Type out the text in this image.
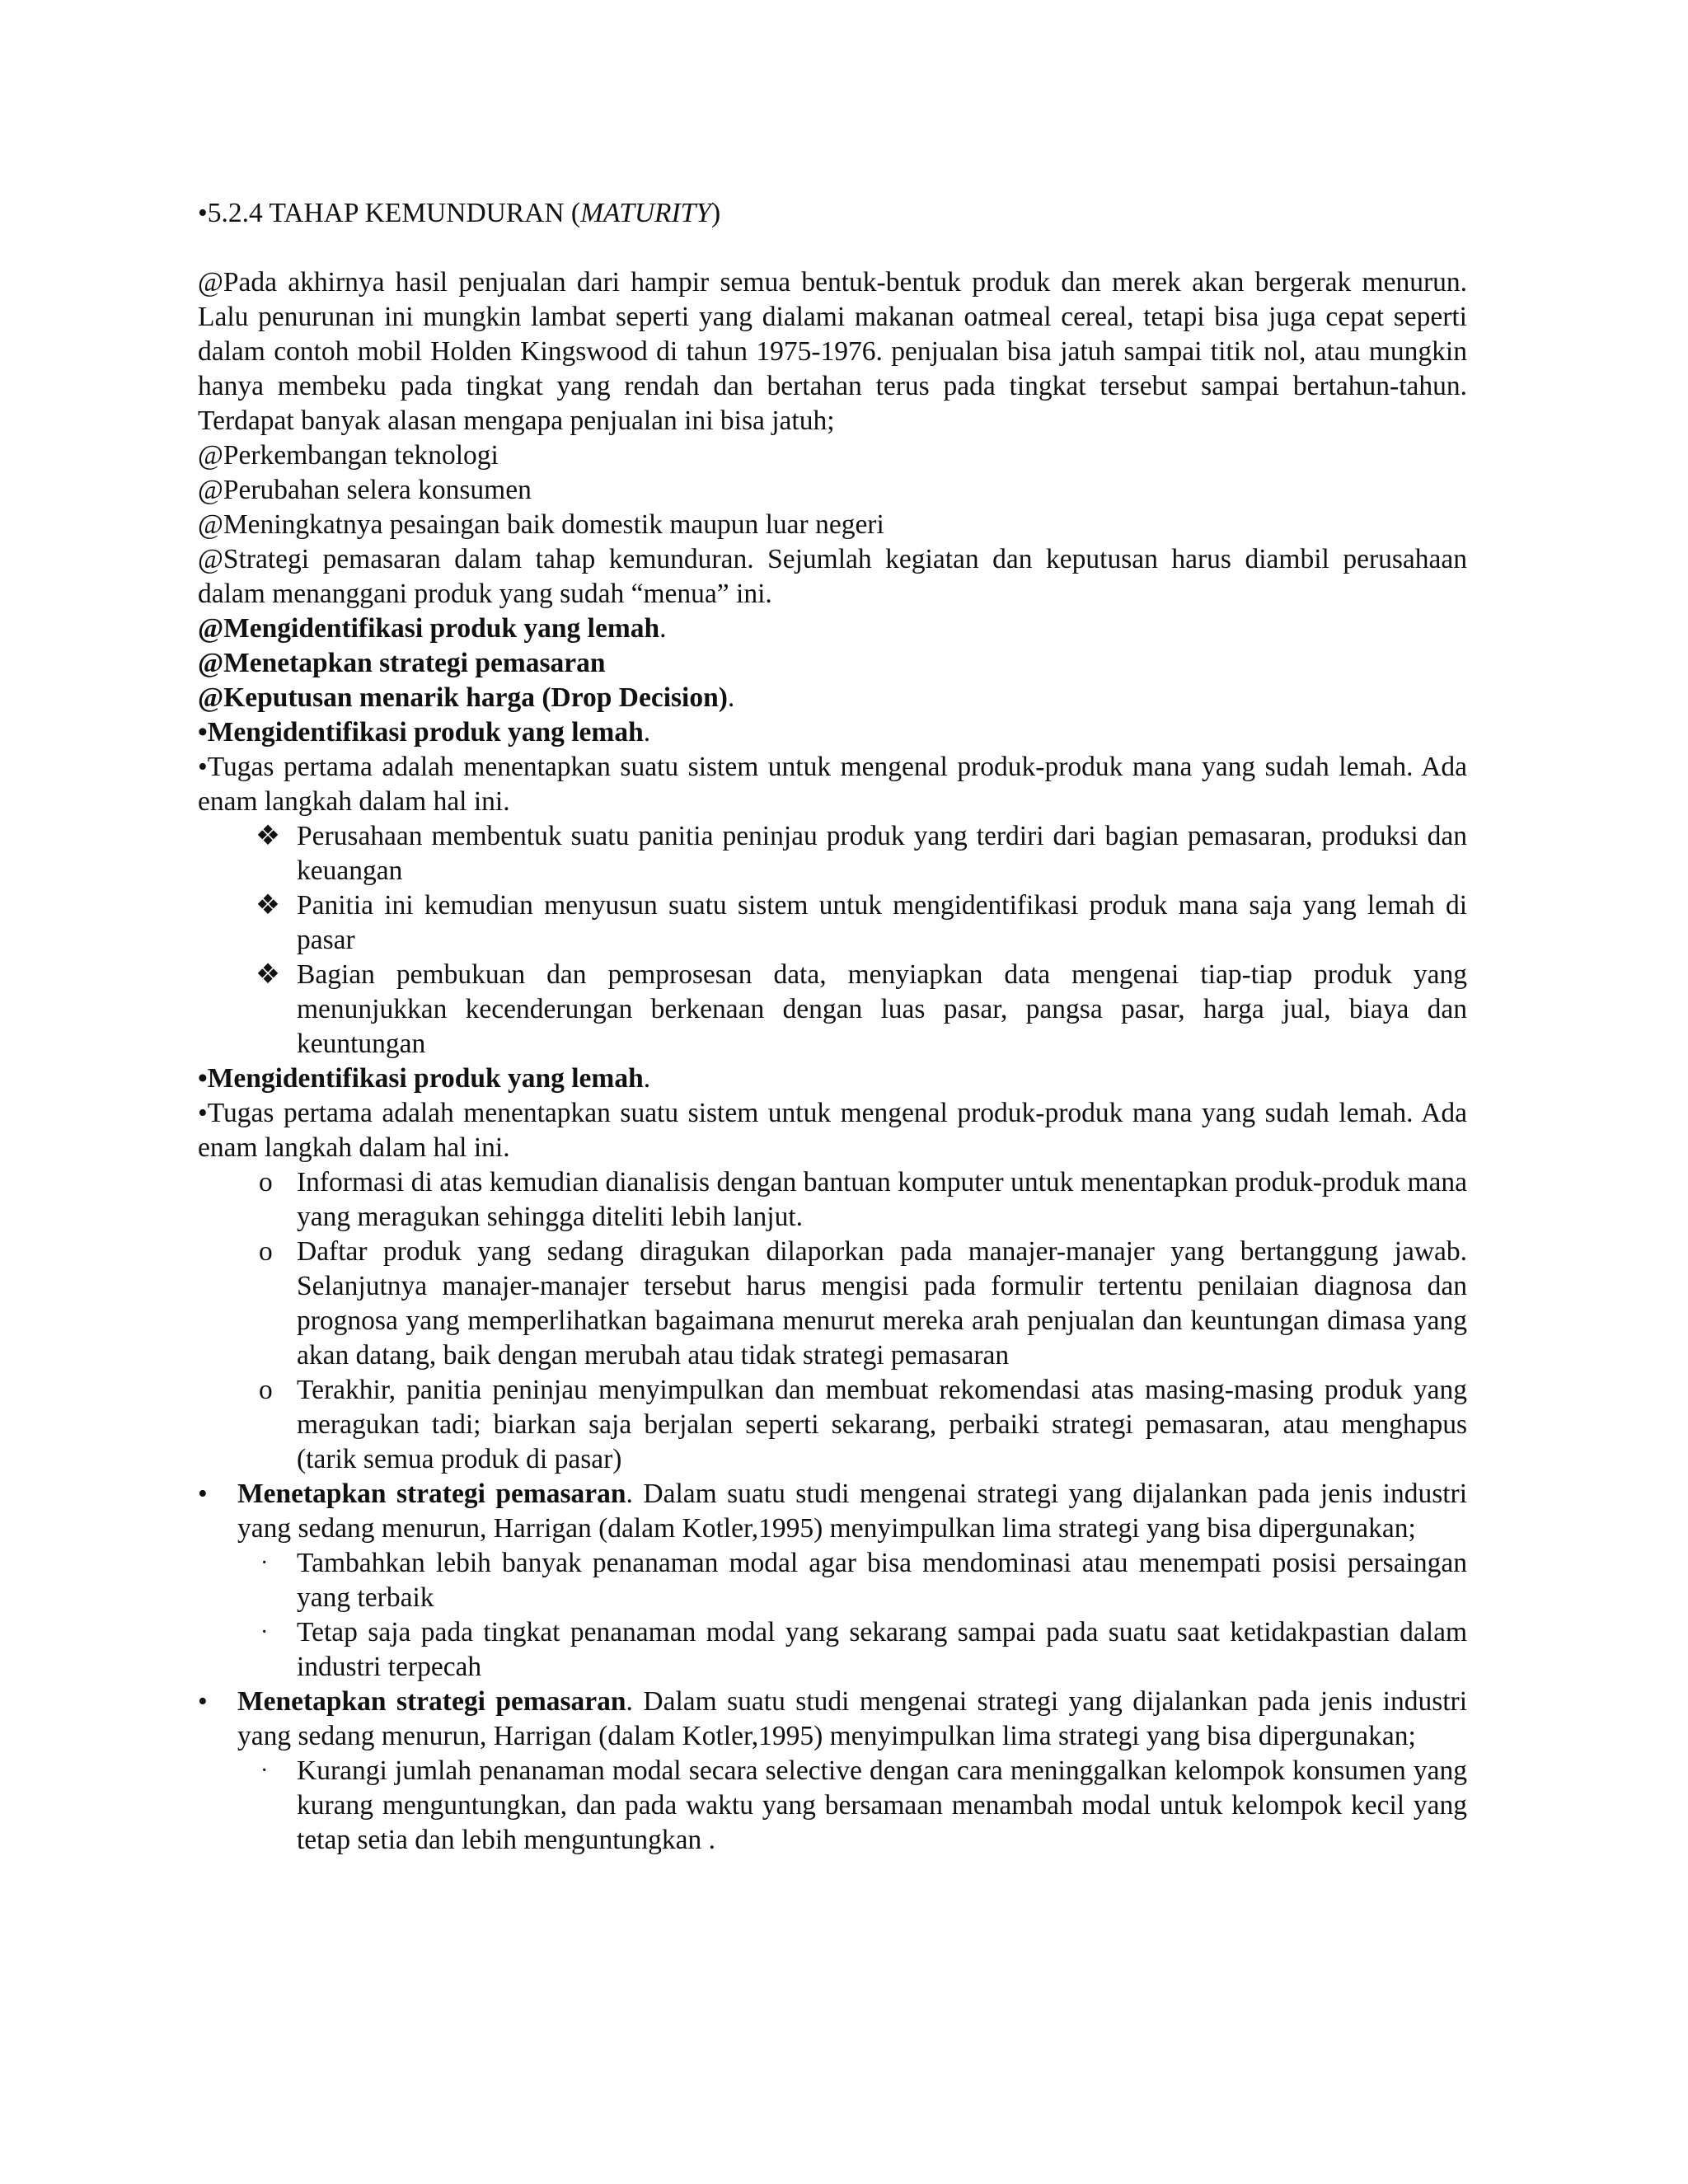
•5.2.4 TAHAP KEMUNDURAN (MATURITY)

@Pada akhirnya hasil penjualan dari hampir semua bentuk-bentuk produk dan merek akan bergerak menurun. Lalu penurunan ini mungkin lambat seperti yang dialami makanan oatmeal cereal, tetapi bisa juga cepat seperti dalam contoh mobil Holden Kingswood di tahun 1975-1976. penjualan bisa jatuh sampai titik nol, atau mungkin hanya membeku pada tingkat yang rendah dan bertahan terus pada tingkat tersebut sampai bertahun-tahun. Terdapat banyak alasan mengapa penjualan ini bisa jatuh;

@Perkembangan teknologi

@Perubahan selera konsumen

@Meningkatnya pesaingan baik domestik maupun luar negeri

@Strategi pemasaran dalam tahap kemunduran. Sejumlah kegiatan dan keputusan harus diambil perusahaan dalam menanggani produk yang sudah “menua” ini.

@Mengidentifikasi produk yang lemah.

@Menetapkan strategi pemasaran

@Keputusan menarik harga (Drop Decision).

•Mengidentifikasi produk yang lemah.

•Tugas pertama adalah menentapkan suatu sistem untuk mengenal produk-produk mana yang sudah lemah. Ada enam langkah dalam hal ini.

❖ Perusahaan membentuk suatu panitia peninjau produk yang terdiri dari bagian pemasaran, produksi dan keuangan
❖ Panitia ini kemudian menyusun suatu sistem untuk mengidentifikasi produk mana saja yang lemah di pasar
❖ Bagian pembukuan dan pemprosesan data, menyiapkan data mengenai tiap-tiap produk yang menunjukkan kecenderungan berkenaan dengan luas pasar, pangsa pasar, harga jual, biaya dan keuntungan

•Mengidentifikasi produk yang lemah.

•Tugas pertama adalah menentapkan suatu sistem untuk mengenal produk-produk mana yang sudah lemah. Ada enam langkah dalam hal ini.

o Informasi di atas kemudian dianalisis dengan bantuan komputer untuk menentapkan produk-produk mana yang meragukan sehingga diteliti lebih lanjut.
o Daftar produk yang sedang diragukan dilaporkan pada manajer-manajer yang bertanggung jawab. Selanjutnya manajer-manajer tersebut harus mengisi pada formulir tertentu penilaian diagnosa dan prognosa yang memperlihatkan bagaimana menurut mereka arah penjualan dan keuntungan dimasa yang akan datang, baik dengan merubah atau tidak strategi pemasaran
o Terakhir, panitia peninjau menyimpulkan dan membuat rekomendasi atas masing-masing produk yang meragukan tadi; biarkan saja berjalan seperti sekarang, perbaiki strategi pemasaran, atau menghapus (tarik semua produk di pasar)
• Menetapkan strategi pemasaran. Dalam suatu studi mengenai strategi yang dijalankan pada jenis industri yang sedang menurun, Harrigan (dalam Kotler,1995) menyimpulkan lima strategi yang bisa dipergunakan;
· Tambahkan lebih banyak penanaman modal agar bisa mendominasi atau menempati posisi persaingan yang terbaik
· Tetap saja pada tingkat penanaman modal yang sekarang sampai pada suatu saat ketidakpastian dalam industri terpecah
• Menetapkan strategi pemasaran. Dalam suatu studi mengenai strategi yang dijalankan pada jenis industri yang sedang menurun, Harrigan (dalam Kotler,1995) menyimpulkan lima strategi yang bisa dipergunakan;
· Kurangi jumlah penanaman modal secara selective dengan cara meninggalkan kelompok konsumen yang kurang menguntungkan, dan pada waktu yang bersamaan menambah modal untuk kelompok kecil yang tetap setia dan lebih menguntungkan .
